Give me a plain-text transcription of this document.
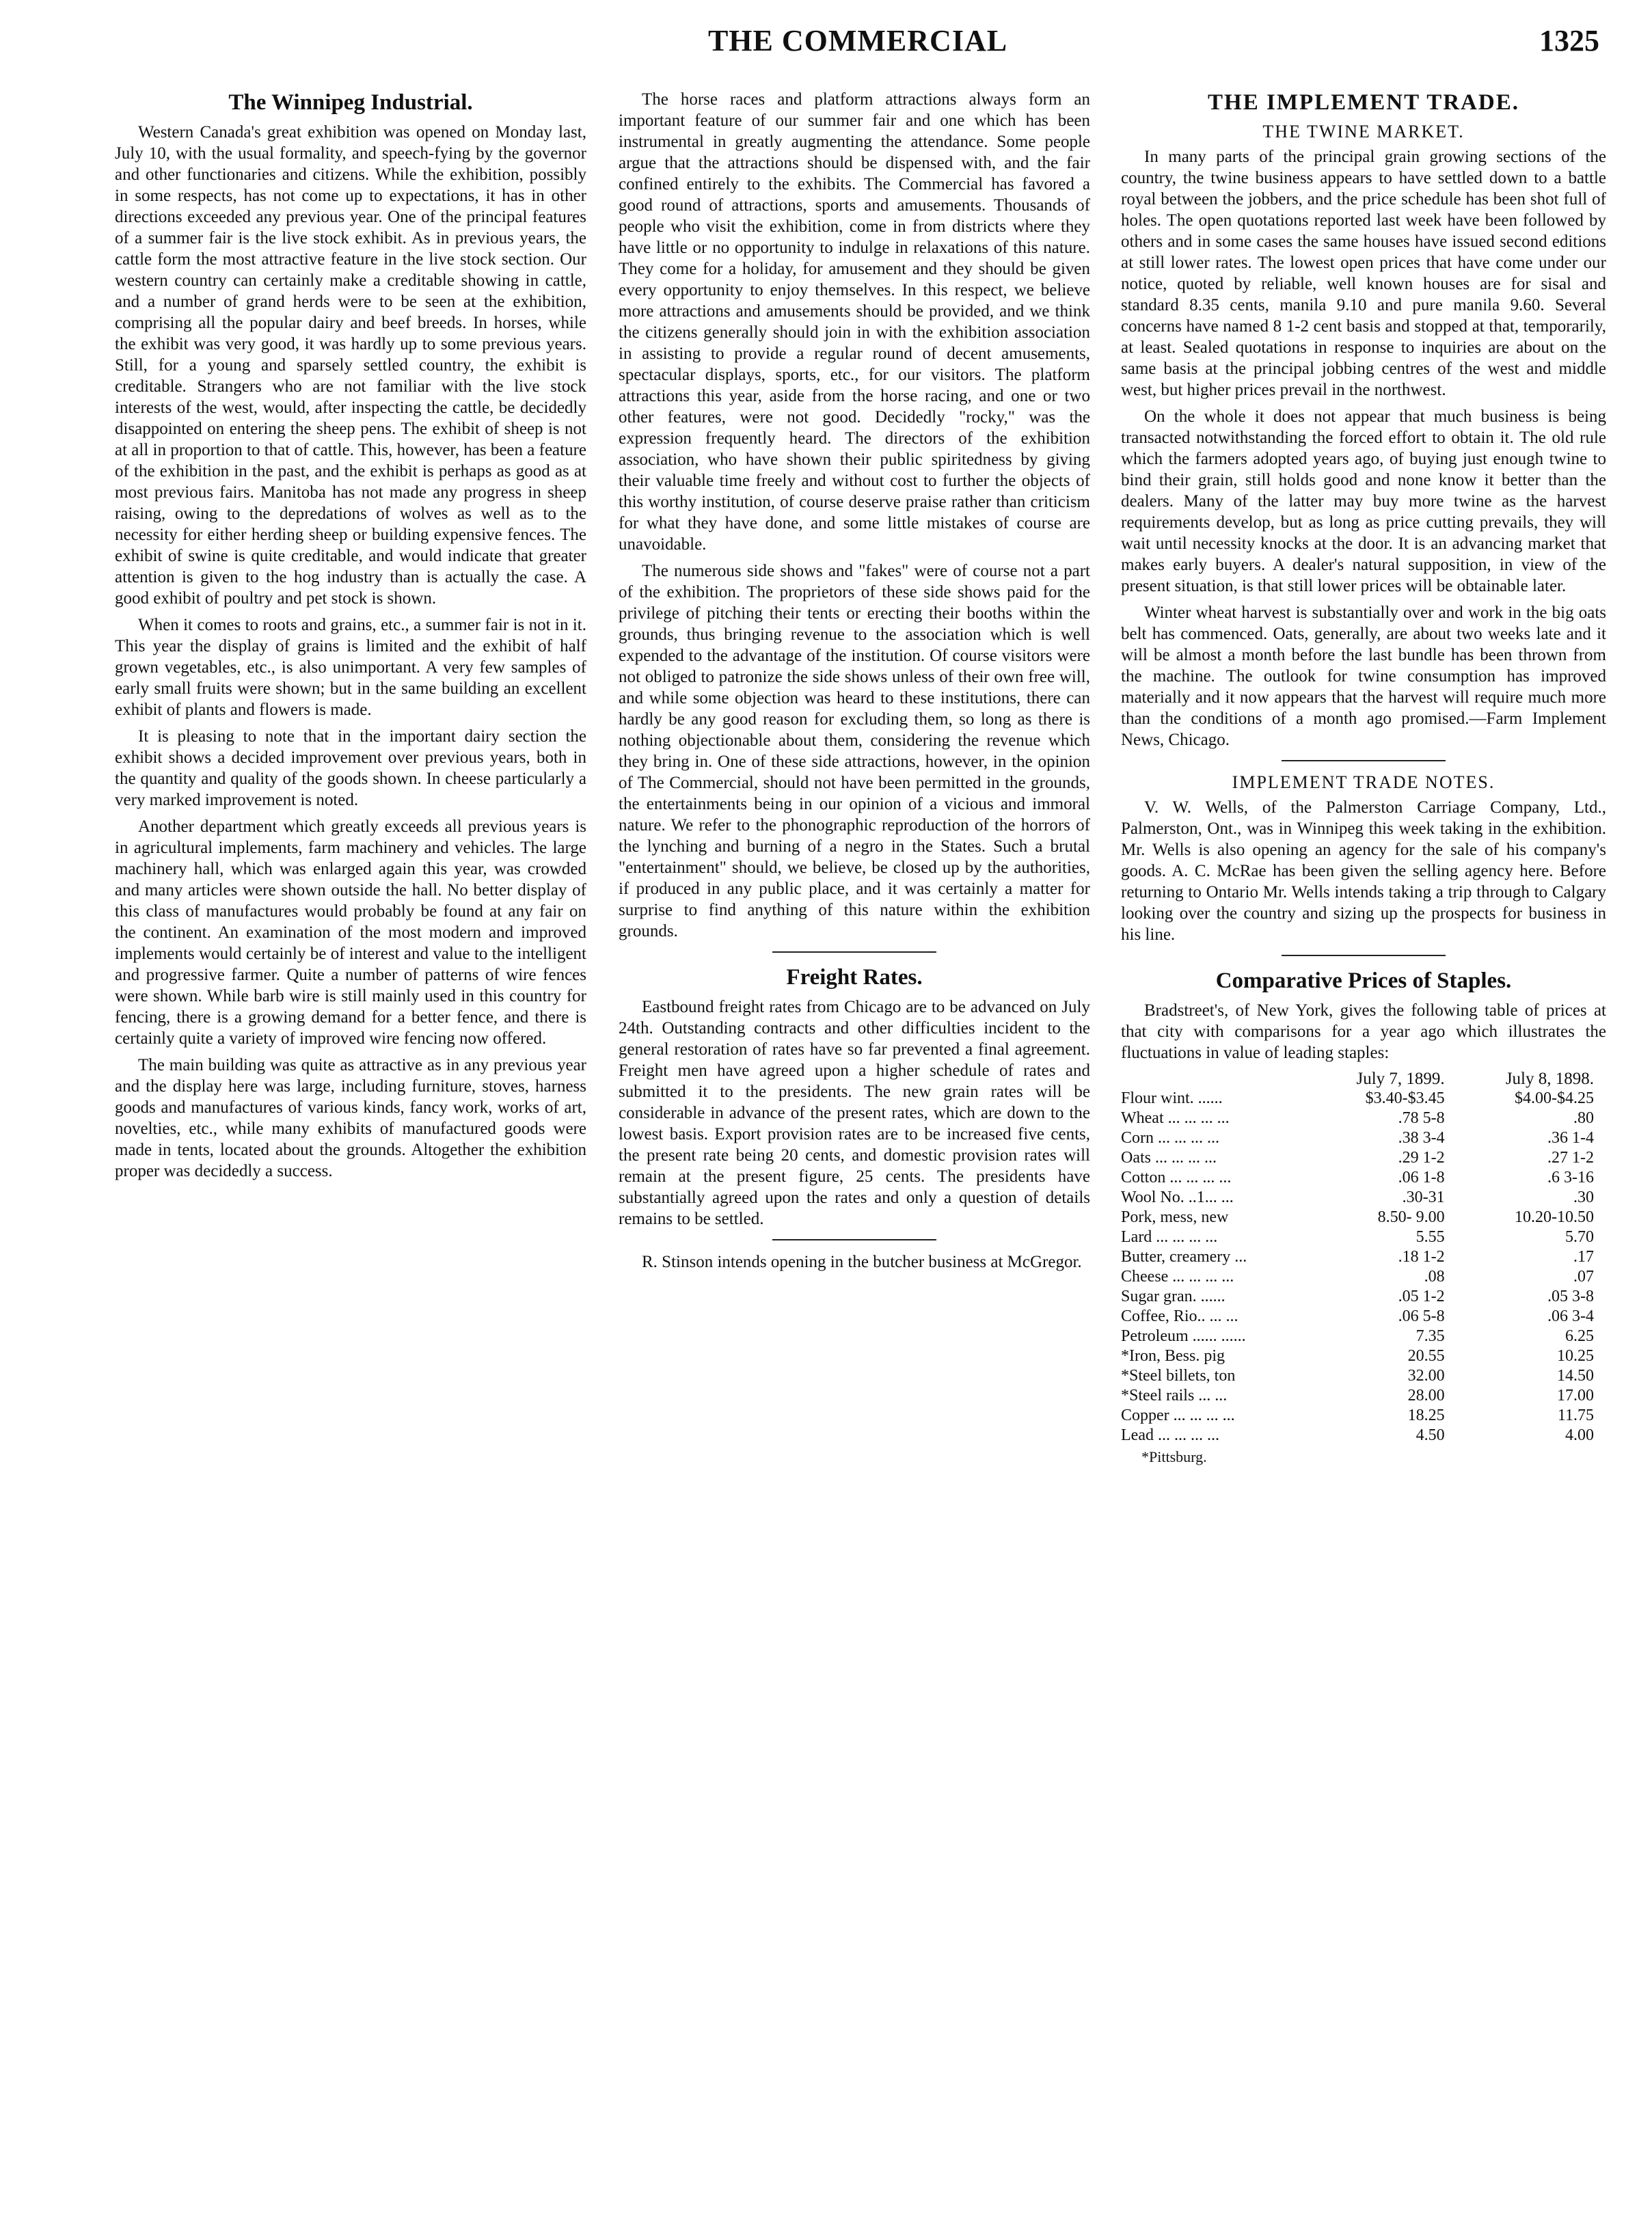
THE COMMERCIAL	1325
The Winnipeg Industrial.

Western Canada's great exhibition was opened on Monday last, July 10, with the usual formality, and speech-fying by the governor and other functionaries and citizens. While the exhibition, possibly in some respects, has not come up to expectations, it has in other directions exceeded any previous year. One of the principal features of a summer fair is the live stock exhibit. As in previous years, the cattle form the most attractive feature in the live stock section. Our western country can certainly make a creditable showing in cattle, and a number of grand herds were to be seen at the exhibition, comprising all the popular dairy and beef breeds. In horses, while the exhibit was very good, it was hardly up to some previous years. Still, for a young and sparsely settled country, the exhibit is creditable. Strangers who are not familiar with the live stock interests of the west, would, after inspecting the cattle, be decidedly disappointed on entering the sheep pens. The exhibit of sheep is not at all in proportion to that of cattle. This, however, has been a feature of the exhibition in the past, and the exhibit is perhaps as good as at most previous fairs. Manitoba has not made any progress in sheep raising, owing to the depredations of wolves as well as to the necessity for either herding sheep or building expensive fences. The exhibit of swine is quite creditable, and would indicate that greater attention is given to the hog industry than is actually the case. A good exhibit of poultry and pet stock is shown.

When it comes to roots and grains, etc., a summer fair is not in it. This year the display of grains is limited and the exhibit of half grown vegetables, etc., is also unimportant. A very few samples of early small fruits were shown; but in the same building an excellent exhibit of plants and flowers is made.

It is pleasing to note that in the important dairy section the exhibit shows a decided improvement over previous years, both in the quantity and quality of the goods shown. In cheese particularly a very marked improvement is noted.

Another department which greatly exceeds all previous years is in agricultural implements, farm machinery and vehicles. The large machinery hall, which was enlarged again this year, was crowded and many articles were shown outside the hall. No better display of this class of manufactures would probably be found at any fair on the continent. An examination of the most modern and improved implements would certainly be of interest and value to the intelligent and progressive farmer. Quite a number of patterns of wire fences were shown. While barb wire is still mainly used in this country for fencing, there is a growing demand for a better fence, and there is certainly quite a variety of improved wire fencing now offered.

The main building was quite as attractive as in any previous year and the display here was large, including furniture, stoves, harness goods and manufactures of various kinds, fancy work, works of art, novelties, etc., while many exhibits of manufactured goods were made in tents, located about the grounds. Altogether the exhibition proper was decidedly a success.

The horse races and platform attractions always form an important feature of our summer fair and one which has been instrumental in greatly augmenting the attendance. Some people argue that the attractions should be dispensed with, and the fair confined entirely to the exhibits. The Commercial has favored a good round of attractions, sports and amusements. Thousands of people who visit the exhibition, come in from districts where they have little or no opportunity to indulge in relaxations of this nature. They come for a holiday, for amusement and they should be given every opportunity to enjoy themselves. In this respect, we believe more attractions and amusements should be provided, and we think the citizens generally should join in with the exhibition association in assisting to provide a regular round of decent amusements, spectacular displays, sports, etc., for our visitors. The platform attractions this year, aside from the horse racing, and one or two other features, were not good. Decidedly "rocky," was the expression frequently heard. The directors of the exhibition association, who have shown their public spiritedness by giving their valuable time freely and without cost to further the objects of this worthy institution, of course deserve praise rather than criticism for what they have done, and some little mistakes of course are unavoidable.

The numerous side shows and "fakes" were of course not a part of the exhibition. The proprietors of these side shows paid for the privilege of pitching their tents or erecting their booths within the grounds, thus bringing revenue to the association which is well expended to the advantage of the institution. Of course visitors were not obliged to patronize the side shows unless of their own free will, and while some objection was heard to these institutions, there can hardly be any good reason for excluding them, so long as there is nothing objectionable about them, considering the revenue which they bring in. One of these side attractions, however, in the opinion of The Commercial, should not have been permitted in the grounds, the entertainments being in our opinion of a vicious and immoral nature. We refer to the phonographic reproduction of the horrors of the lynching and burning of a negro in the States. Such a brutal "entertainment" should, we believe, be closed up by the authorities, if produced in any public place, and it was certainly a matter for surprise to find anything of this nature within the exhibition grounds.

Freight Rates.

Eastbound freight rates from Chicago are to be advanced on July 24th. Outstanding contracts and other difficulties incident to the general restoration of rates have so far prevented a final agreement. Freight men have agreed upon a higher schedule of rates and submitted it to the presidents. The new grain rates will be considerable in advance of the present rates, which are down to the lowest basis. Export provision rates are to be increased five cents, the present rate being 20 cents, and domestic provision rates will remain at the present figure, 25 cents. The presidents have substantially agreed upon the rates and only a question of details remains to be settled.

R. Stinson intends opening in the butcher business at McGregor.

THE IMPLEMENT TRADE.
THE TWINE MARKET.

In many parts of the principal grain growing sections of the country, the twine business appears to have settled down to a battle royal between the jobbers, and the price schedule has been shot full of holes. The open quotations reported last week have been followed by others and in some cases the same houses have issued second editions at still lower rates. The lowest open prices that have come under our notice, quoted by reliable, well known houses are for sisal and standard 8.35 cents, manila 9.10 and pure manila 9.60. Several concerns have named 8 1-2 cent basis and stopped at that, temporarily, at least. Sealed quotations in response to inquiries are about on the same basis at the principal jobbing centres of the west and middle west, but higher prices prevail in the northwest.

On the whole it does not appear that much business is being transacted notwithstanding the forced effort to obtain it. The old rule which the farmers adopted years ago, of buying just enough twine to bind their grain, still holds good and none know it better than the dealers. Many of the latter may buy more twine as the harvest requirements develop, but as long as price cutting prevails, they will wait until necessity knocks at the door. It is an advancing market that makes early buyers. A dealer's natural supposition, in view of the present situation, is that still lower prices will be obtainable later.

Winter wheat harvest is substantially over and work in the big oats belt has commenced. Oats, generally, are about two weeks late and it will be almost a month before the last bundle has been thrown from the machine. The outlook for twine consumption has improved materially and it now appears that the harvest will require much more than the conditions of a month ago promised.—Farm Implement News, Chicago.

IMPLEMENT TRADE NOTES.

V. W. Wells, of the Palmerston Carriage Company, Ltd., Palmerston, Ont., was in Winnipeg this week taking in the exhibition. Mr. Wells is also opening an agency for the sale of his company's goods. A. C. McRae has been given the selling agency here. Before returning to Ontario Mr. Wells intends taking a trip through to Calgary looking over the country and sizing up the prospects for business in his line.

Comparative Prices of Staples.

Bradstreet's, of New York, gives the following table of prices at that city with comparisons for a year ago which illustrates the fluctuations in value of leading staples:

	July 7, 1899.	July 8, 1898.
Flour wint. ......	$3.40-$3.45	$4.00-$4.25
Wheat ... ... ... ...	.78 5-8	.80
Corn ... ... ... ...	.38 3-4	.36 1-4
Oats ... ... ... ...	.29 1-2	.27 1-2
Cotton ... ... ... ...	.06 1-8	.6 3-16
Wool No. ..1... ...	.30-31	.30
Pork, mess, new	8.50- 9.00	10.20-10.50
Lard ... ... ... ...	5.55	5.70
Butter, creamery ...	.18 1-2	.17
Cheese ... ... ... ...	.08	.07
Sugar gran. ......	.05 1-2	.05 3-8
Coffee, Rio.. ... ...	.06 5-8	.06 3-4
Petroleum ...... ......	7.35	6.25
*Iron, Bess. pig	20.55	10.25
*Steel billets, ton	32.00	14.50
*Steel rails ... ...	28.00	17.00
Copper ... ... ... ...	18.25	11.75
Lead ... ... ... ...	4.50	4.00
*Pittsburg.
